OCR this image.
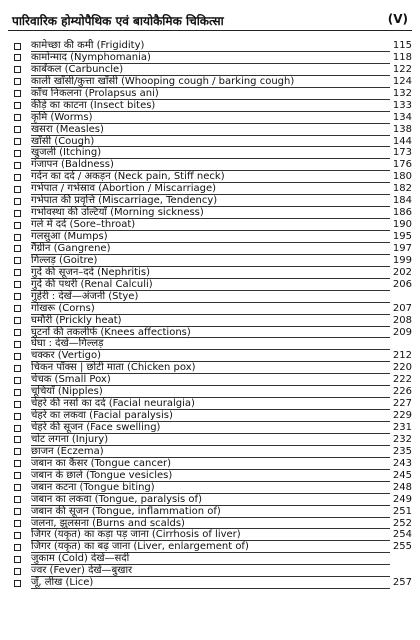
पारिवारिक होम्योपैथिक एवं बायोकैमिक चिकित्सा	(V)
कामेच्छा की कमी (Frigidity)	115
कामोन्माद (Nymphomania)	118
कार्बंकल (Carbuncle)	122
काली खाँसी/कुत्ता खाँसी (Whooping cough / barking cough)	124
काँच निकलना (Prolapsus ani)	132
कीड़े का काटना (Insect bites)	133
कृमि (Worms)	134
खसरा (Measles)	138
खाँसी (Cough)	144
खुजली (Itching)	173
गंजापन (Baldness)	176
गर्दन का दर्द / अकड़न (Neck pain, Stiff neck)	180
गर्भपात / गर्भस्राव (Abortion / Miscarriage)	182
गर्भपात की प्रवृत्ति (Miscarriage, Tendency)	184
गर्भावस्था की उल्टियाँ (Morning sickness)	186
गले में दर्द (Sore–throat)	190
गलसुआ (Mumps)	195
गैंग्रीन (Gangrene)	197
गिल्लड़ (Goitre)	199
गुर्दे की सूजन–दर्द (Nephritis)	202
गुर्दे की पथरी (Renal Calculi)	206
गुहेरी : देखें—अंजनी (Stye)
गोखरू (Corns)	207
घमौरी (Prickly heat)	208
घुटनों की तकलीफें (Knees affections)	209
घेघा : देखें—गिल्लड़
चक्कर (Vertigo)	212
चिकन पॉक्स | छोटी माता (Chicken pox)	220
चेचक (Small Pox)	222
चूचियाँ (Nipples)	226
चेहरे की नसों का दर्द (Facial neuralgia)	227
चेहरे का लकवा (Facial paralysis)	229
चेहरे की सूजन (Face swelling)	231
चोट लगना (Injury)	232
छाजन (Eczema)	235
जबान का कैंसर (Tongue cancer)	243
जबान के छाले (Tongue vesicles)	245
जबान कटना (Tongue biting)	248
जबान का लकवा (Tongue, paralysis of)	249
जबान की सूजन (Tongue, inflammation of)	251
जलना, झुलसना (Burns and scalds)	252
जिगर (यकृत) का कड़ा पड़ जाना (Cirrhosis of liver)	254
जिगर (यकृत) का बढ़ जाना (Liver, enlargement of)	255
जुकाम (Cold) देखें—सर्दी
ज्वर (Fever) देखें—बुखार
जूँ, लीख (Lice)	257
